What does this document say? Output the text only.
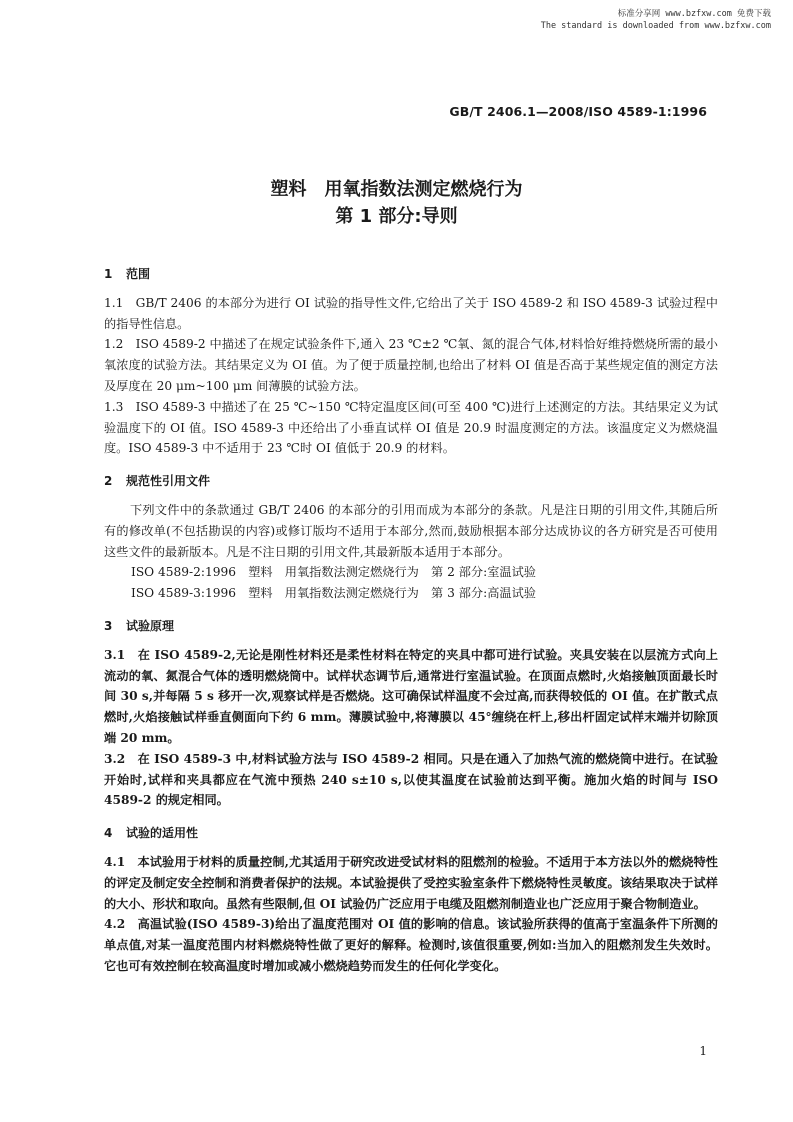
标准分享网 www.bzfxw.com 免费下载
The standard is downloaded from www.bzfxw.com
GB/T 2406.1—2008/ISO 4589-1:1996
塑料　用氧指数法测定燃烧行为
第 1 部分:导则
1 范围

1.1　GB/T 2406 的本部分为进行 OI 试验的指导性文件,它给出了关于 ISO 4589-2 和 ISO 4589-3 试验过程中的指导性信息。

1.2　ISO 4589-2 中描述了在规定试验条件下,通入 23 ℃±2 ℃氧、氮的混合气体,材料恰好维持燃烧所需的最小氧浓度的试验方法。其结果定义为 OI 值。为了便于质量控制,也给出了材料 OI 值是否高于某些规定值的测定方法及厚度在 20 μm~100 μm 间薄膜的试验方法。

1.3　ISO 4589-3 中描述了在 25 ℃~150 ℃特定温度区间(可至 400 ℃)进行上述测定的方法。其结果定义为试验温度下的 OI 值。ISO 4589-3 中还给出了小垂直试样 OI 值是 20.9 时温度测定的方法。该温度定义为燃烧温度。ISO 4589-3 中不适用于 23 ℃时 OI 值低于 20.9 的材料。

2 规范性引用文件

下列文件中的条款通过 GB/T 2406 的本部分的引用而成为本部分的条款。凡是注日期的引用文件,其随后所有的修改单(不包括勘误的内容)或修订版均不适用于本部分,然而,鼓励根据本部分达成协议的各方研究是否可使用这些文件的最新版本。凡是不注日期的引用文件,其最新版本适用于本部分。

ISO 4589-2:1996　塑料　用氧指数法测定燃烧行为　第 2 部分:室温试验

ISO 4589-3:1996　塑料　用氧指数法测定燃烧行为　第 3 部分:高温试验

3 试验原理

3.1　在 ISO 4589-2,无论是刚性材料还是柔性材料在特定的夹具中都可进行试验。夹具安装在以层流方式向上流动的氧、氮混合气体的透明燃烧筒中。试样状态调节后,通常进行室温试验。在顶面点燃时,火焰接触顶面最长时间 30 s,并每隔 5 s 移开一次,观察试样是否燃烧。这可确保试样温度不会过高,而获得较低的 OI 值。在扩散式点燃时,火焰接触试样垂直侧面向下约 6 mm。薄膜试验中,将薄膜以 45°缠绕在杆上,移出杆固定试样末端并切除顶端 20 mm。

3.2　在 ISO 4589-3 中,材料试验方法与 ISO 4589-2 相同。只是在通入了加热气流的燃烧筒中进行。在试验开始时,试样和夹具都应在气流中预热 240 s±10 s,以使其温度在试验前达到平衡。施加火焰的时间与 ISO 4589-2 的规定相同。

4 试验的适用性

4.1　本试验用于材料的质量控制,尤其适用于研究改进受试材料的阻燃剂的检验。不适用于本方法以外的燃烧特性的评定及制定安全控制和消费者保护的法规。本试验提供了受控实验室条件下燃烧特性灵敏度。该结果取决于试样的大小、形状和取向。虽然有些限制,但 OI 试验仍广泛应用于电缆及阻燃剂制造业也广泛应用于聚合物制造业。

4.2　高温试验(ISO 4589-3)给出了温度范围对 OI 值的影响的信息。该试验所获得的值高于室温条件下所测的单点值,对某一温度范围内材料燃烧特性做了更好的解释。检测时,该值很重要,例如:当加入的阻燃剂发生失效时。它也可有效控制在较高温度时增加或减小燃烧趋势而发生的任何化学变化。

1
